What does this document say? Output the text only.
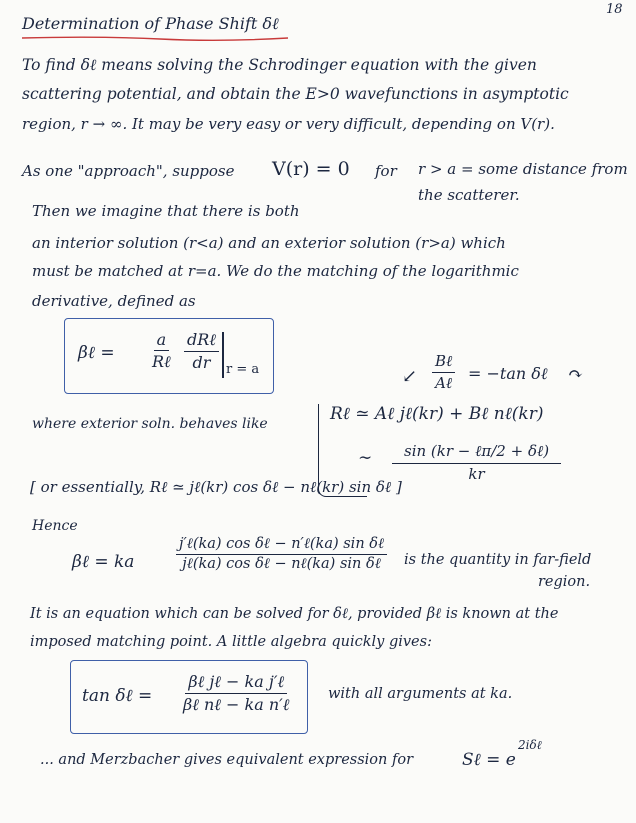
18
Determination of Phase Shift δℓ
To find δℓ means solving the Schrodinger equation with the given
scattering potential, and obtain the E>0 wavefunctions in asymptotic
region, r → ∞. It may be very easy or very difficult, depending on V(r).
As one "approach", suppose V(r) = 0 for r > a = some distance from
the scatterer.
Then we imagine that there is both
an interior solution (r<a) and an exterior solution (r>a) which
must be matched at r=a. We do the matching of the logarithmic
derivative, defined as
βℓ =
a
Rℓ
dRℓ
dr r = a	↙
Bℓ
Aℓ = −tan δℓ ↷
where exterior soln. behaves like	Rℓ ≃ Aℓ jℓ(kr) + Bℓ nℓ(kr)
∼	sin (kr − ℓπ/2 + δℓ)
kr
[ or essentially, Rℓ ≃ jℓ(kr) cos δℓ − nℓ(kr) sin δℓ ]
Hence
βℓ = ka
j′ℓ(ka) cos δℓ − n′ℓ(ka) sin δℓ
jℓ(ka) cos δℓ − nℓ(ka) sin δℓ is the quantity in far-field
region.
It is an equation which can be solved for δℓ, provided βℓ is known at the
imposed matching point. A little algebra quickly gives:
tan δℓ =
βℓ jℓ − ka j′ℓ
βℓ nℓ − ka n′ℓ
with all arguments at ka.
... and Merzbacher gives equivalent expression for	Sℓ = e
2iδℓ
